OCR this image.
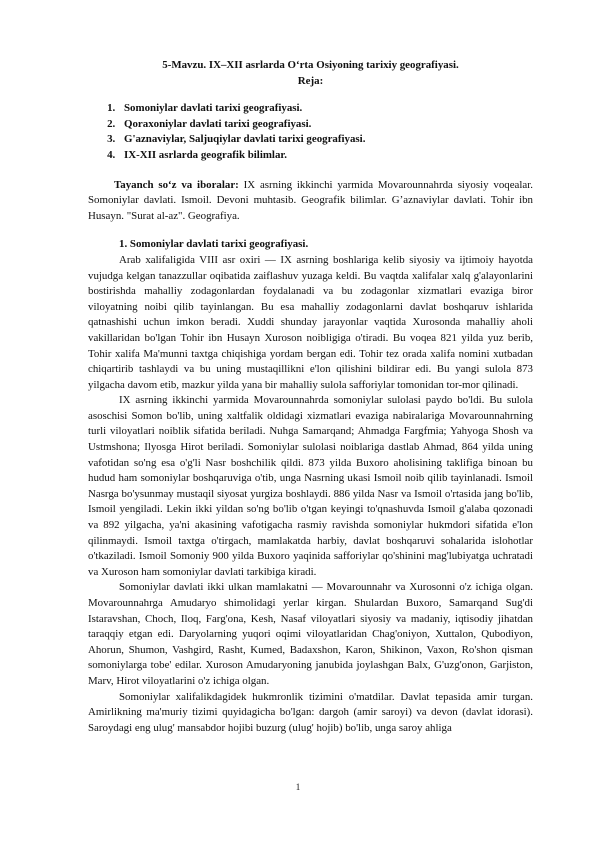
5-Mavzu. IX–XII asrlarda O‘rta Osiyoning tarixiy geografiyasi.

Reja:

1. Somoniylar davlati tarixi geografiyasi.
2. Qoraxoniylar davlati tarixi geografiyasi.
3. G'aznaviylar, Saljuqiylar davlati tarixi geografiyasi.
4. IX-XII asrlarda geografik bilimlar.

Tayanch so‘z va iboralar: IX asrning ikkinchi yarmida Movarounnahrda siyosiy voqealar. Somoniylar davlati. Ismoil. Devoni muhtasib. Geografik bilimlar. G’aznaviylar davlati. Tohir ibn Husayn. "Surat al-az". Geografiya.

1. Somoniylar davlati tarixi geografiyasi.

Arab xalifaligida VIII asr oxiri — IX asrning boshlariga kelib siyosiy va ijtimoiy hayotda vujudga kelgan tanazzullar oqibatida zaiflashuv yuzaga keldi. Bu vaqtda xalifalar xalq g'alayonlarini bostirishda mahalliy zodagonlardan foydalanadi va bu zodagonlar xizmatlari evaziga biror viloyatning noibi qilib tayinlangan. Bu esa mahalliy zodagonlarni davlat boshqaruv ishlarida qatnashishi uchun imkon beradi. Xuddi shunday jarayonlar vaqtida Xurosonda mahalliy aholi vakillaridan bo'lgan Tohir ibn Husayn Xuroson noibligiga o'tiradi. Bu voqea 821 yilda yuz berib, Tohir xalifa Ma'munni taxtga chiqishiga yordam bergan edi. Tohir tez orada xalifa nomini xutbadan chiqartirib tashlaydi va bu uning mustaqillikni e'lon qilishini bildirar edi. Bu yangi sulola 873 yilgacha davom etib, mazkur yilda yana bir mahalliy sulola safforiylar tomonidan tor-mor qilinadi.

IX asrning ikkinchi yarmida Movarounnahrda somoniylar sulolasi paydo bo'ldi. Bu sulola asoschisi Somon bo'lib, uning xaltfalik oldidagi xizmatlari evaziga nabiralariga Movarounnahrning turli viloyatlari noiblik sifatida beriladi. Nuhga Samarqand; Ahmadga Fargfmia; Yahyoga Shosh va Ustmshona; Ilyosga Hirot beriladi. Somoniylar sulolasi noiblariga dastlab Ahmad, 864 yilda uning vafotidan so'ng esa o'g'li Nasr boshchilik qildi. 873 yilda Buxoro aholisining taklifiga binoan bu hudud ham somoniylar boshqaruviga o'tib, unga Nasrning ukasi Ismoil noib qilib tayinlanadi. Ismoil Nasrga bo'ysunmay mustaqil siyosat yurgiza boshlaydi. 886 yilda Nasr va Ismoil o'rtasida jang bo'lib, Ismoil yengiladi. Lekin ikki yildan so'ng bo'lib o'tgan keyingi to'qnashuvda Ismoil g'alaba qozonadi va 892 yilgacha, ya'ni akasining vafotigacha rasmiy ravishda somoniylar hukmdori sifatida e'lon qilinmaydi. Ismoil taxtga o'tirgach, mamlakatda harbiy, davlat boshqaruvi sohalarida islohotlar o'tkaziladi. Ismoil Somoniy 900 yilda Buxoro yaqinida safforiylar qo'shinini mag'lubiyatga uchratadi va Xuroson ham somoniylar davlati tarkibiga kiradi.

Somoniylar davlati ikki ulkan mamlakatni — Movarounnahr va Xurosonni o'z ichiga olgan. Movarounnahrga Amudaryo shimolidagi yerlar kirgan. Shulardan Buxoro, Samarqand Sug'di Istaravshan, Choch, Iloq, Farg'ona, Kesh, Nasaf viloyatlari siyosiy va madaniy, iqtisodiy jihatdan taraqqiy etgan edi. Daryolarning yuqori oqimi viloyatlaridan Chag'oniyon, Xuttalon, Qubodiyon, Ahorun, Shumon, Vashgird, Rasht, Kumed, Badaxshon, Karon, Shikinon, Vaxon, Ro'shon qisman somoniylarga tobe' edilar. Xuroson Amudaryoning janubida joylashgan Balx, G'uzg'onon, Garjiston, Marv, Hirot viloyatlarini o'z ichiga olgan.

Somoniylar xalifalikdagidek hukmronlik tizimini o'matdilar. Davlat tepasida amir turgan. Amirlikning ma'muriy tizimi quyidagicha bo'lgan: dargoh (amir saroyi) va devon (davlat idorasi). Saroydagi eng ulug' mansabdor hojibi buzurg (ulug' hojib) bo'lib, unga saroy ahliga

1
